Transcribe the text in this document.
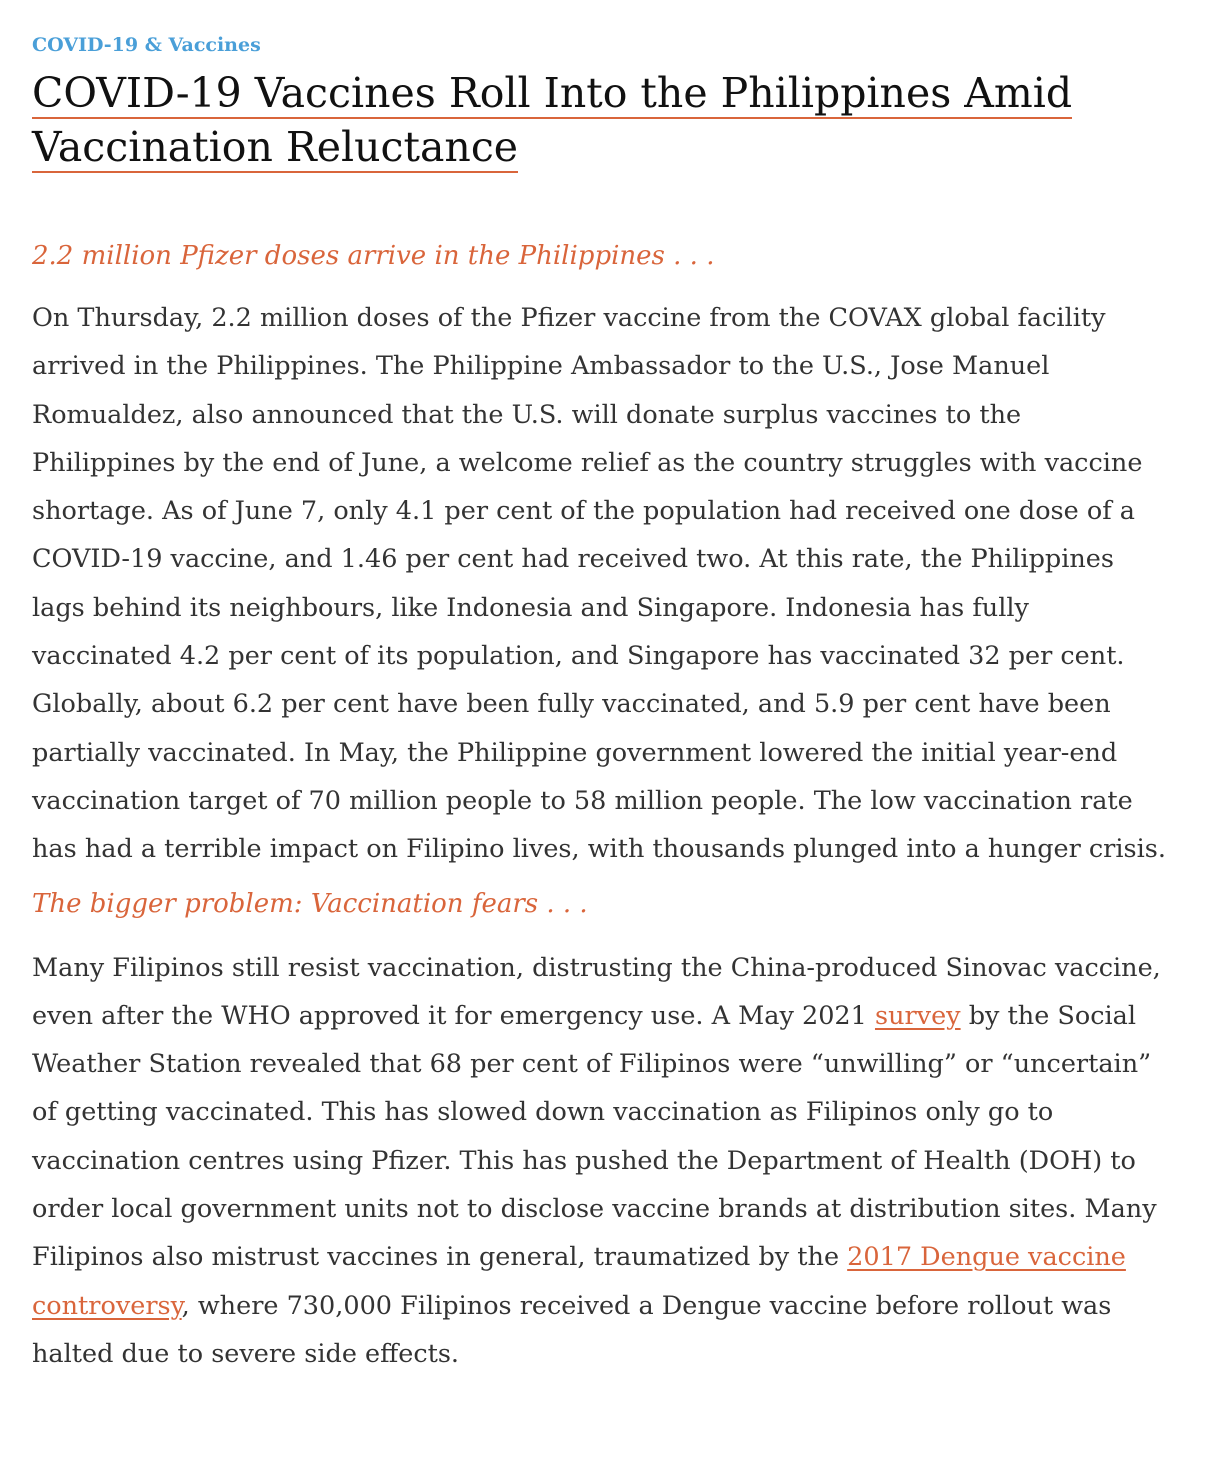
COVID-19 & Vaccines
COVID-19 Vaccines Roll Into the Philippines Amid Vaccination Reluctance
2.2 million Pfizer doses arrive in the Philippines . . .

On Thursday, 2.2 million doses of the Pfizer vaccine from the COVAX global facility arrived in the Philippines. The Philippine Ambassador to the U.S., Jose Manuel Romualdez, also announced that the U.S. will donate surplus vaccines to the Philippines by the end of June, a welcome relief as the country struggles with vaccine shortage. As of June 7, only 4.1 per cent of the population had received one dose of a COVID-19 vaccine, and 1.46 per cent had received two. At this rate, the Philippines lags behind its neighbours, like Indonesia and Singapore. Indonesia has fully vaccinated 4.2 per cent of its population, and Singapore has vaccinated 32 per cent. Globally, about 6.2 per cent have been fully vaccinated, and 5.9 per cent have been partially vaccinated. In May, the Philippine government lowered the initial year-end vaccination target of 70 million people to 58 million people. The low vaccination rate has had a terrible impact on Filipino lives, with thousands plunged into a hunger crisis.

The bigger problem: Vaccination fears . . .

Many Filipinos still resist vaccination, distrusting the China-produced Sinovac vaccine, even after the WHO approved it for emergency use. A May 2021 survey by the Social Weather Station revealed that 68 per cent of Filipinos were “unwilling” or “uncertain” of getting vaccinated. This has slowed down vaccination as Filipinos only go to vaccination centres using Pfizer. This has pushed the Department of Health (DOH) to order local government units not to disclose vaccine brands at distribution sites. Many Filipinos also mistrust vaccines in general, traumatized by the 2017 Dengue vaccine controversy, where 730,000 Filipinos received a Dengue vaccine before rollout was halted due to severe side effects.
